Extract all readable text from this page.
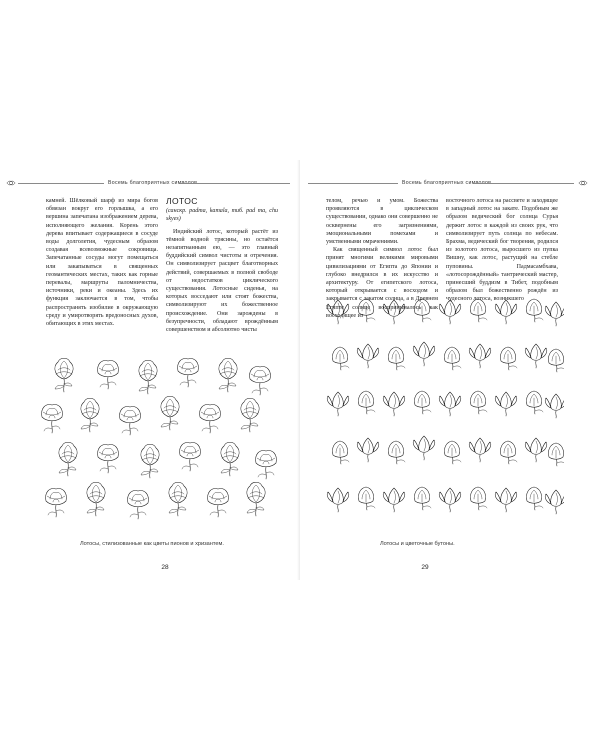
Восемь благоприятных символов

камней. Шёлковый шарф из мира богов обвязан вокруг его горлышка, а его вершина запечатана изображением дерева, исполняющего желания. Корень этого дерева впитывает содержащиеся в сосуде воды долголетия, чудесным образом создавая всевозможные сокровища. Запечатанные сосуды могут помещаться или закапываться в священных геомантических местах, таких как горные перевалы, маршруты паломничества, источники, реки и океаны. Здесь их функция заключается в том, чтобы распространять изобилие в окружающую среду и умиротворять вредоносных духов, обитающих в этих местах.

ЛОТОС

(санскр. padma, kamala, тиб. pad ma, chu skyes)

Индийский лотос, который растёт из тёмной водной трясины, но остаётся незапятнанным ею, — это главный буддийский символ чистоты и отречения. Он символизирует расцвет благотворных действий, совершаемых в полной свободе от недостатков циклического существования. Лотосные сиденья, на которых восседают или стоят божества, символизируют их божественное происхождение. Они зарождены в безупречности, обладают врождённым совершенством и абсолютно чисты

Лотосы, стилизованные как цветы пионов и хризантем.
28
Восемь благоприятных символов

телом, речью и умом. Божества проявляются в циклическом существовании, однако они совершенно не осквернены его загрязнениями, эмоциональными помехами и умственными омрачениями.

Как священный символ лотос был принят многими великими мировыми цивилизациями от Египта до Японии и глубоко внедрился в их искусство и архитектуру. От египетского лотоса, который открывается с восходом и закрывается с закатом солнца, а в Древнем Египте солнце воспринималось как восходящее из

восточного лотоса на рассвете и заходящее в западный лотос на закате. Подобным же образом ведический бог солнца Сурья держит лотос в каждой из своих рук, что символизирует путь солнца по небесам. Брахма, ведический бог творения, родился из золотого лотоса, выросшего из пупка Вишну, как лотос, растущий на стебле пуповины. Падмасамбхава, «лотосорождённый» тантрический мастер, принесший буддизм в Тибет, подобным образом был божественно рождён из чудесного лотоса, возникшего

Лотосы и цветочные бутоны.
29
